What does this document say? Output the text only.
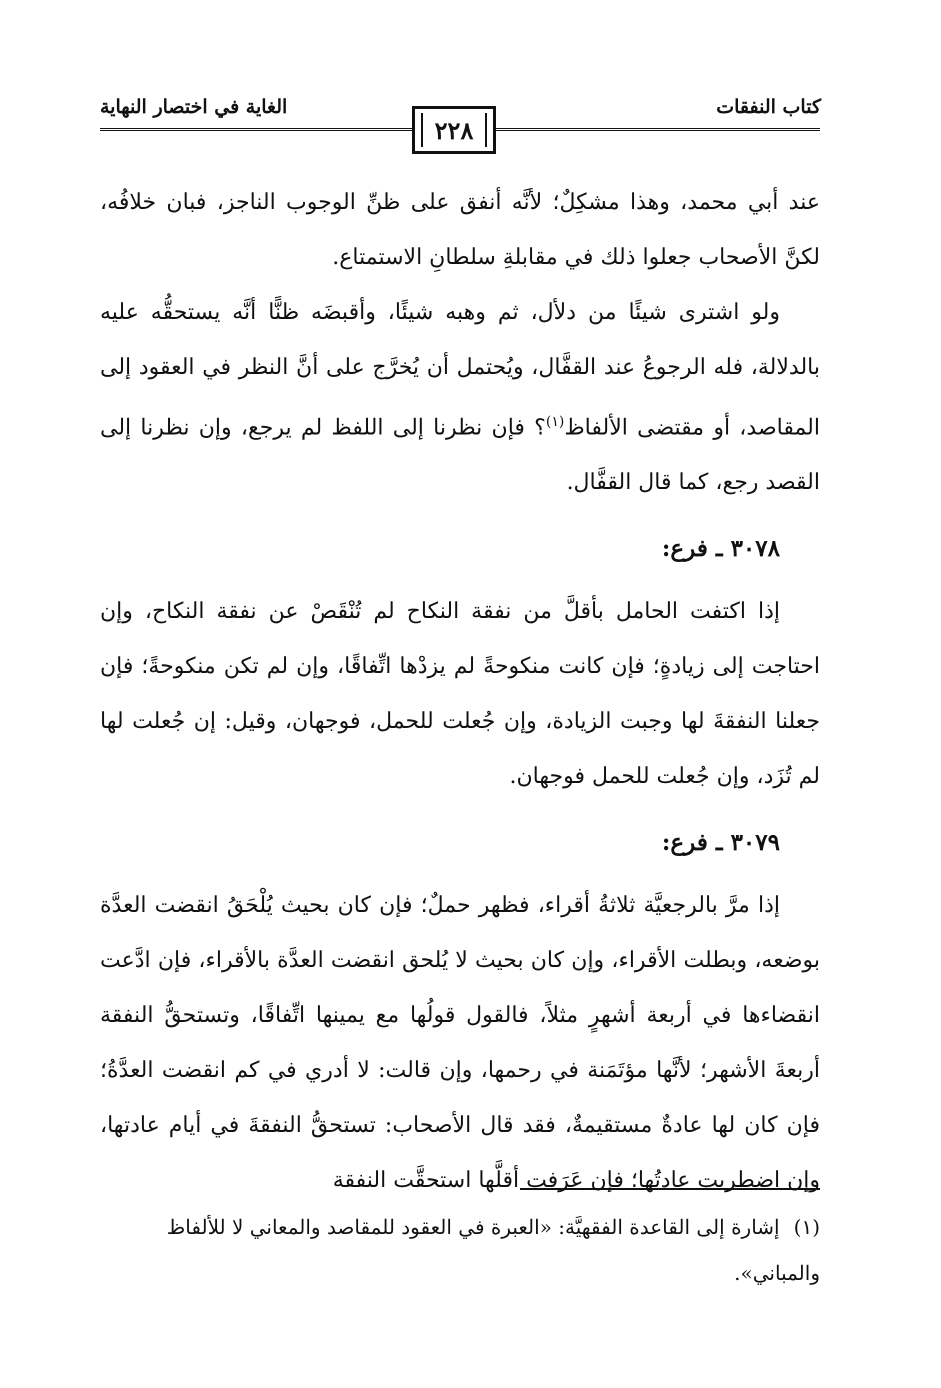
كتاب النفقات
الغاية في اختصار النهاية
٢٢٨

عند أبي محمد، وهذا مشكِلٌ؛ لأنَّه أنفق على ظنِّ الوجوب الناجز، فبان خلافُه، لكنَّ الأصحاب جعلوا ذلك في مقابلةِ سلطانِ الاستمتاع.

ولو اشترى شيئًا من دلأل، ثم وهبه شيئًا، وأقبضَه ظنًّا أنَّه يستحقُّه عليه بالدلالة، فله الرجوعُ عند القفَّال، ويُحتمل أن يُخرَّج على أنَّ النظر في العقود إلى المقاصد، أو مقتضى الألفاظ$^{(١)}$؟ فإن نظرنا إلى اللفظ لم يرجع، وإن نظرنا إلى القصد رجع، كما قال القفَّال.

٣٠٧٨ ـ فرع:

إذا اكتفت الحامل بأقلَّ من نفقة النكاح لم تُنْقَصْ عن نفقة النكاح، وإن احتاجت إلى زيادةٍ؛ فإن كانت منكوحةً لم يزدْها اتِّفاقًا، وإن لم تكن منكوحةً؛ فإن جعلنا النفقةَ لها وجبت الزيادة، وإن جُعلت للحمل، فوجهان، وقيل: إن جُعلت لها لم تُزَد، وإن جُعلت للحمل فوجهان.

٣٠٧٩ ـ فرع:

إذا مرَّ بالرجعيَّة ثلاثةُ أقراء، فظهر حملٌ؛ فإن كان بحيث يُلْحَقُ انقضت العدَّة بوضعه، وبطلت الأقراء، وإن كان بحيث لا يُلحق انقضت العدَّة بالأقراء، فإن ادَّعت انقضاءها في أربعة أشهرٍ مثلاً، فالقول قولُها مع يمينها اتِّفاقًا، وتستحقُّ النفقة أربعةَ الأشهر؛ لأنَّها مؤتَمَنة في رحمها، وإن قالت: لا أدري في كم انقضت العدَّةُ؛ فإن كان لها عادةٌ مستقيمةٌ، فقد قال الأصحاب: تستحقُّ النفقةَ في أيام عادتها، وإن اضطربت عادتُها؛ فإن عَرَفت أقلَّها استحقَّت النفقة

(١)إشارة إلى القاعدة الفقهيَّة: «العبرة في العقود للمقاصد والمعاني لا للألفاظ والمباني».
